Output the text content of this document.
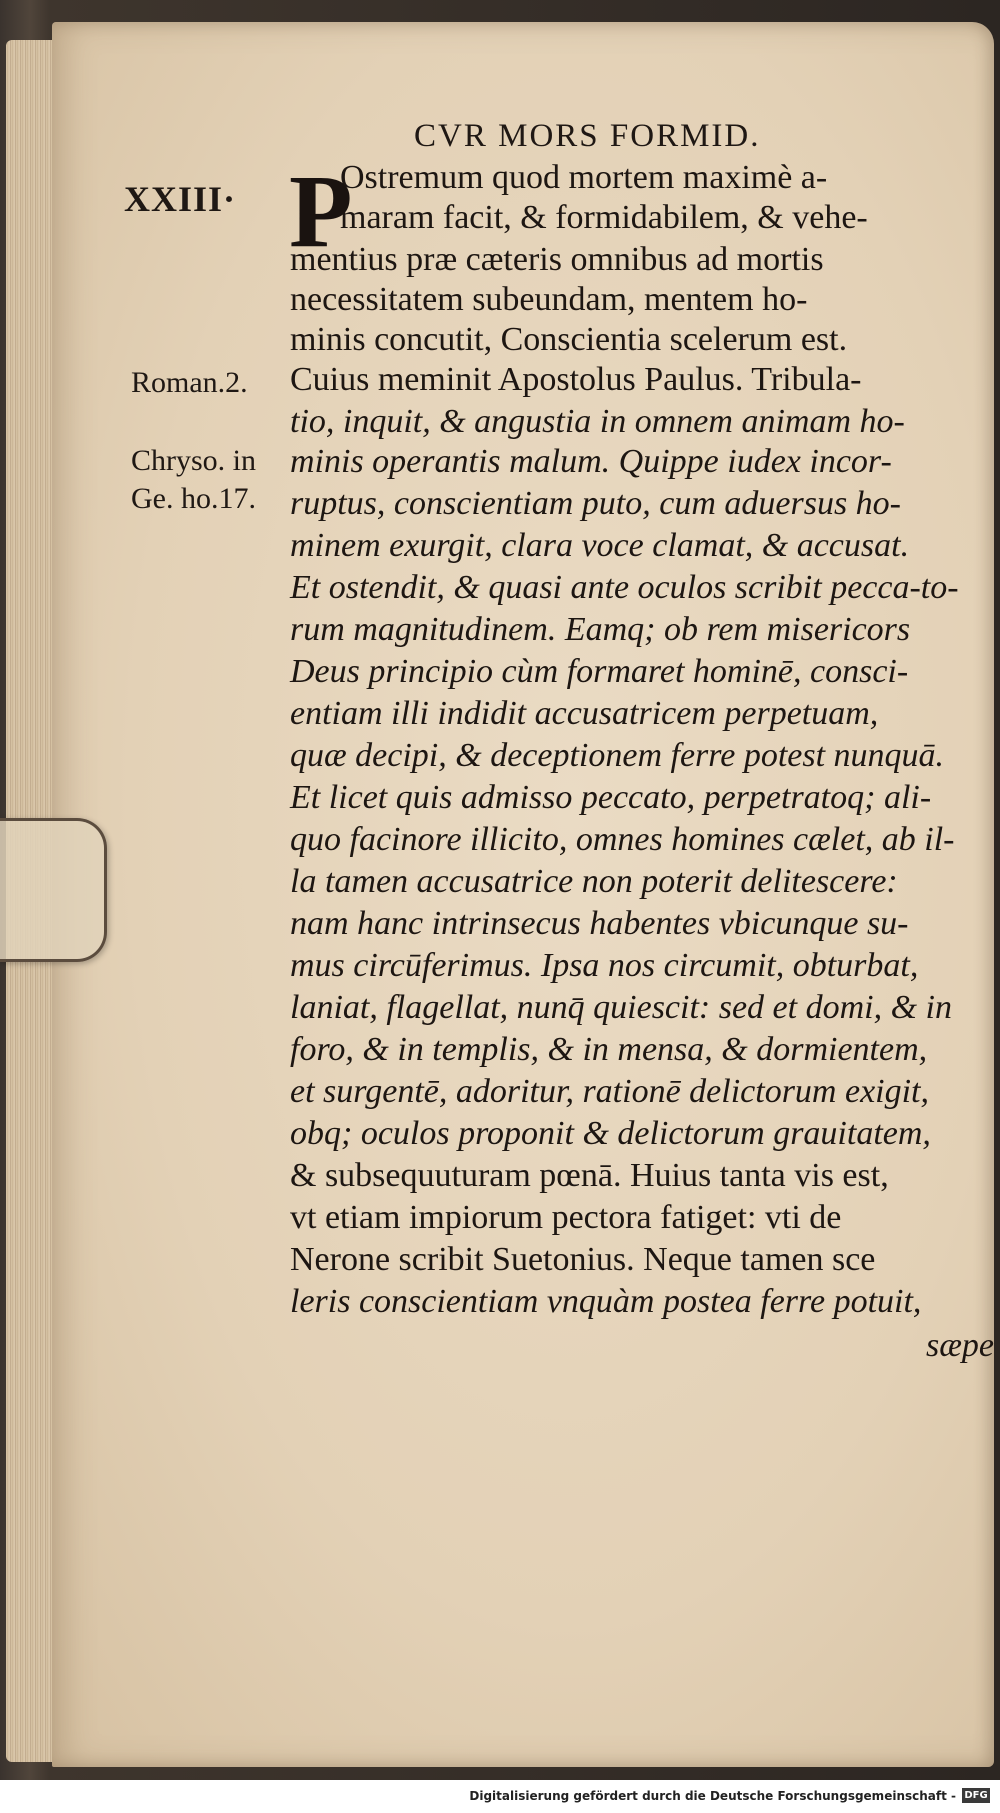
CVR MORS FORMID.
XXIII·
Roman.2.
Chryso. in
Ge. ho.17.
P
Ostremum quod mortem maximè a-
maram facit, & formidabilem, & vehe-
mentius præ cæteris omnibus ad mortis
necessitatem subeundam, mentem ho-
minis concutit, Conscientia scelerum est.
Cuius meminit Apostolus Paulus. Tribula-
tio, inquit, & angustia in omnem animam ho-
minis operantis malum. Quippe iudex incor-
ruptus, conscientiam puto, cum aduersus ho-
minem exurgit, clara voce clamat, & accusat.
Et ostendit, & quasi ante oculos scribit pecca-to-
rum magnitudinem. Eamq; ob rem misericors
Deus principio cùm formaret hominē, consci-
entiam illi indidit accusatricem perpetuam,
quæ decipi, & deceptionem ferre potest nunquā.
Et licet quis admisso peccato, perpetratoq; ali-
quo facinore illicito, omnes homines cælet, ab il-
la tamen accusatrice non poterit delitescere:
nam hanc intrinsecus habentes vbicunque su-
mus circūferimus. Ipsa nos circumit, obturbat,
laniat, flagellat, nunq̄ quiescit: sed et domi, & in
foro, & in templis, & in mensa, & dormientem,
et surgentē, adoritur, rationē delictorum exigit,
obq; oculos proponit & delictorum grauitatem,
& subsequuturam pœnā. Huius tanta vis est,
vt etiam impiorum pectora fatiget: vti de
Nerone scribit Suetonius. Neque tamen sce
leris conscientiam vnquàm postea ferre potuit,
sæpe
Digitalisierung gefördert durch die Deutsche Forschungsgemeinschaft - DFG
